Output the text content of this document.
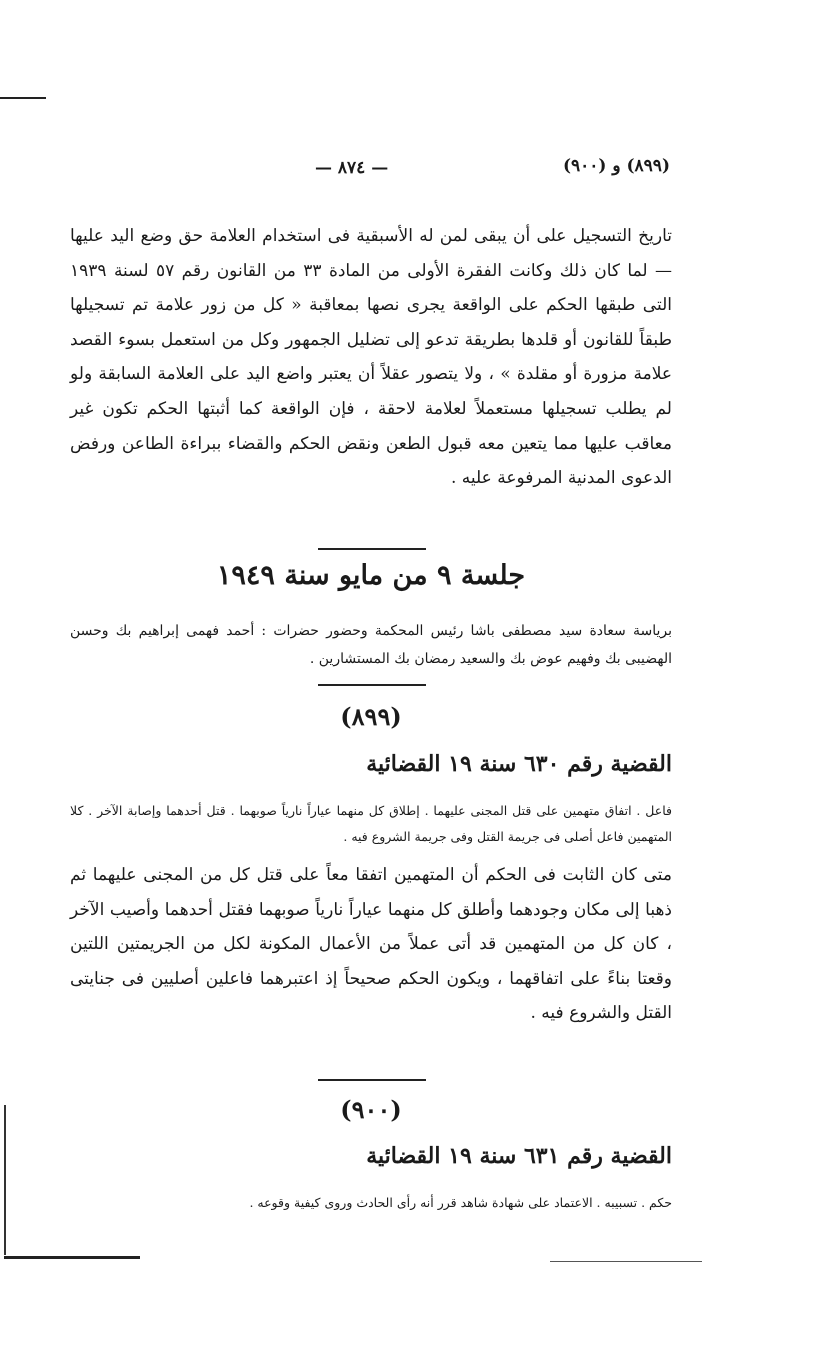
(٨٩٩) و (٩٠٠)
— ٨٧٤ —
تاريخ التسجيل على أن يبقى لمن له الأسبقية فى استخدام العلامة حق وضع اليد عليها — لما كان ذلك وكانت الفقرة الأولى من المادة ٣٣ من القانون رقم ٥٧ لسنة ١٩٣٩ التى طبقها الحكم على الواقعة يجرى نصها بمعاقبة « كل من زور علامة تم تسجيلها طبقاً للقانون أو قلدها بطريقة تدعو إلى تضليل الجمهور وكل من استعمل بسوء القصد علامة مزورة أو مقلدة » ، ولا يتصور عقلاً أن يعتبر واضع اليد على العلامة السابقة ولو لم يطلب تسجيلها مستعملاً لعلامة لاحقة ، فإن الواقعة كما أثبتها الحكم تكون غير معاقب عليها مما يتعين معه قبول الطعن ونقض الحكم والقضاء ببراءة الطاعن ورفض الدعوى المدنية المرفوعة عليه .
جلسة ٩ من مايو سنة ١٩٤٩
برياسة سعادة سيد مصطفى باشا رئيس المحكمة وحضور حضرات : أحمد فهمى إبراهيم بك وحسن الهضيبى بك وفهيم عوض بك والسعيد رمضان بك المستشارين .
(٨٩٩)
القضية رقم ٦٣٠ سنة ١٩ القضائية
فاعل . اتفاق متهمين على قتل المجنى عليهما . إطلاق كل منهما عياراً نارياً صوبهما . قتل أحدهما وإصابة الآخر . كلا المتهمين فاعل أصلى فى جريمة القتل وفى جريمة الشروع فيه .
متى كان الثابت فى الحكم أن المتهمين اتفقا معاً على قتل كل من المجنى عليهما ثم ذهبا إلى مكان وجودهما وأطلق كل منهما عياراً نارياً صوبهما فقتل أحدهما وأصيب الآخر ، كان كل من المتهمين قد أتى عملاً من الأعمال المكونة لكل من الجريمتين اللتين وقعتا بناءً على اتفاقهما ، ويكون الحكم صحيحاً إذ اعتبرهما فاعلين أصليين فى جنايتى القتل والشروع فيه .
(٩٠٠)
القضية رقم ٦٣١ سنة ١٩ القضائية
حكم . تسبيبه . الاعتماد على شهادة شاهد قرر أنه رأى الحادث وروى كيفية وقوعه .
